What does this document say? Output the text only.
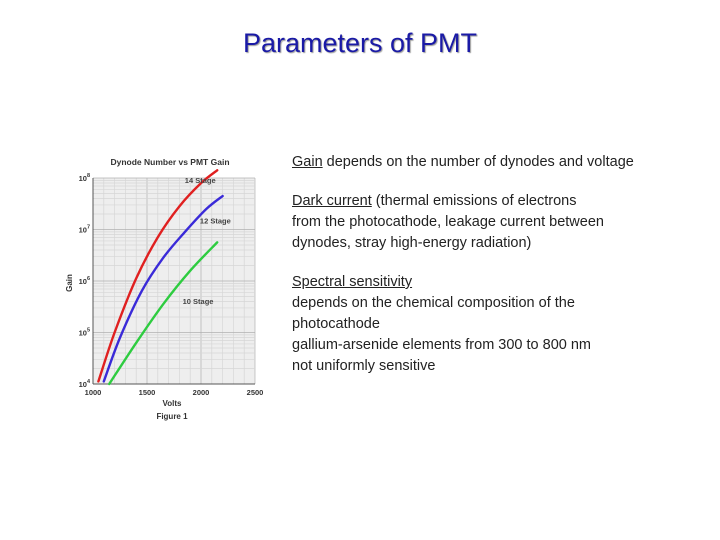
Parameters of PMT
Dynode Number vs PMT Gain
Gain
1000	1500	2000	2500
$10^4$
$10^5$
$10^6$
$10^7$
$10^8$
14 Stage
12 Stage
10 Stage
Volts
Figure 1
Gain depends on the number of dynodes and voltage
Dark current (thermal emissions of electrons
from the photocathode, leakage current between
dynodes, stray high-energy radiation)
Spectral sensitivity
depends on the chemical composition of the
photocathode
gallium-arsenide elements from 300 to 800 nm
not uniformly sensitive
